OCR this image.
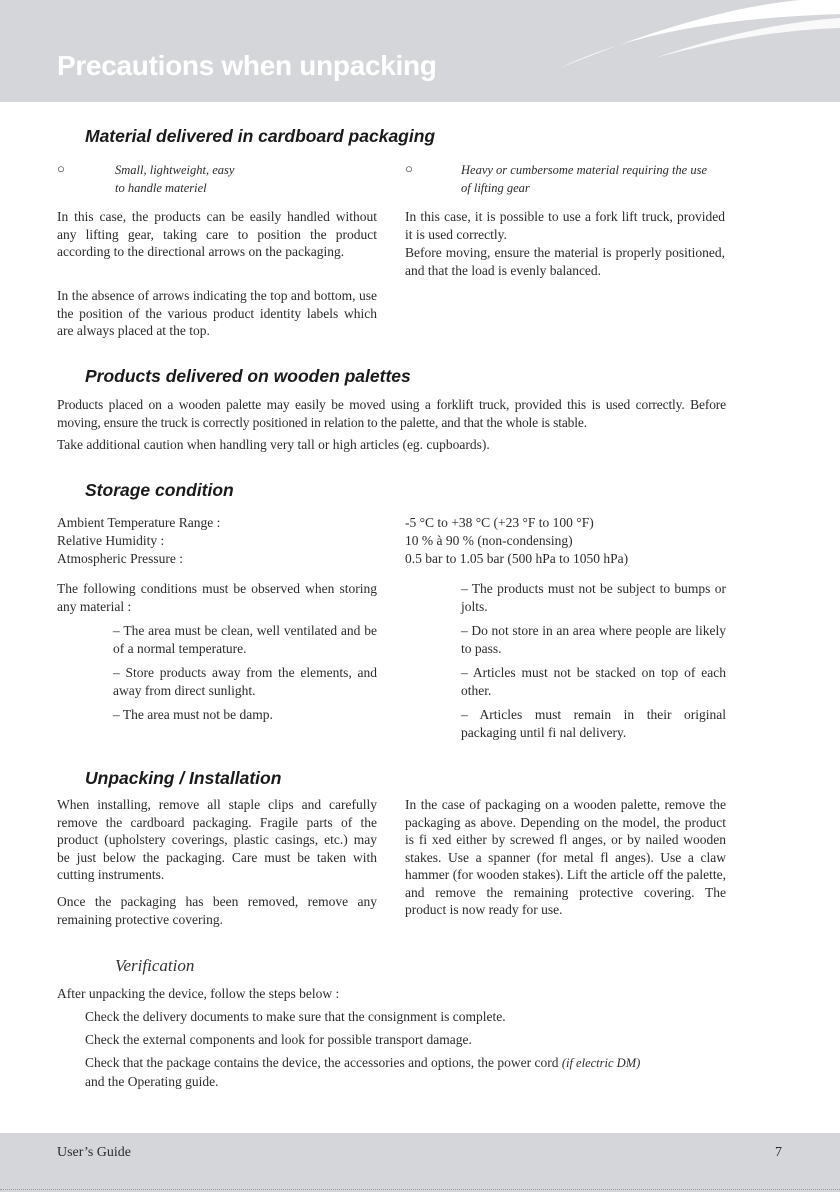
Precautions when unpacking
Material delivered in cardboard packaging
○	Small, lightweight, easy
to handle materiel
○	Heavy or cumbersome material requiring the use
of lifting gear

In this case, the products can be easily handled without any lifting gear, taking care to position the product according to the directional arrows on the packaging.

In the absence of arrows indicating the top and bottom, use the position of the various product identity labels which are always placed at the top.

In this case, it is possible to use a fork lift truck, provided it is used correctly.

Before moving, ensure the material is properly positioned, and that the load is evenly balanced.

Products delivered on wooden palettes

Products placed on a wooden palette may easily be moved using a forklift truck, provided this is used correctly. Before moving, ensure the truck is correctly positioned in relation to the palette, and that the whole is stable.

Take additional caution when handling very tall or high articles (eg. cupboards).

Storage condition
Ambient Temperature Range :	-5 °C to +38 °C (+23 °F to 100 °F)
Relative Humidity :	10 % à 90 % (non-condensing)
Atmospheric Pressure :	0.5 bar to 1.05 bar (500 hPa to 1050 hPa)

The following conditions must be observed when storing any material :

– The area must be clean, well ventilated and be of a normal temperature.

– Store products away from the elements, and away from direct sunlight.

– The area must not be damp.

– The products must not be subject to bumps or jolts.

– Do not store in an area where people are likely to pass.

– Articles must not be stacked on top of each other.

– Articles must remain in their original packaging until fi nal delivery.

Unpacking / Installation

When installing, remove all staple clips and carefully remove the cardboard packaging. Fragile parts of the product (upholstery coverings, plastic casings, etc.) may be just below the packaging. Care must be taken with cutting instruments.

Once the packaging has been removed, remove any remaining protective covering.

In the case of packaging on a wooden palette, remove the packaging as above. Depending on the model, the product is fi xed either by screwed fl anges, or by nailed wooden stakes. Use a spanner (for metal fl anges). Use a claw hammer (for wooden stakes). Lift the article off the palette, and remove the remaining protective covering. The product is now ready for use.

Verification
After unpacking the device, follow the steps below :
Check the delivery documents to make sure that the consignment is complete.
Check the external components and look for possible transport damage.

Check that the package contains the device, the accessories and options, the power cord (if electric DM)
and the Operating guide.

User’s Guide	7
